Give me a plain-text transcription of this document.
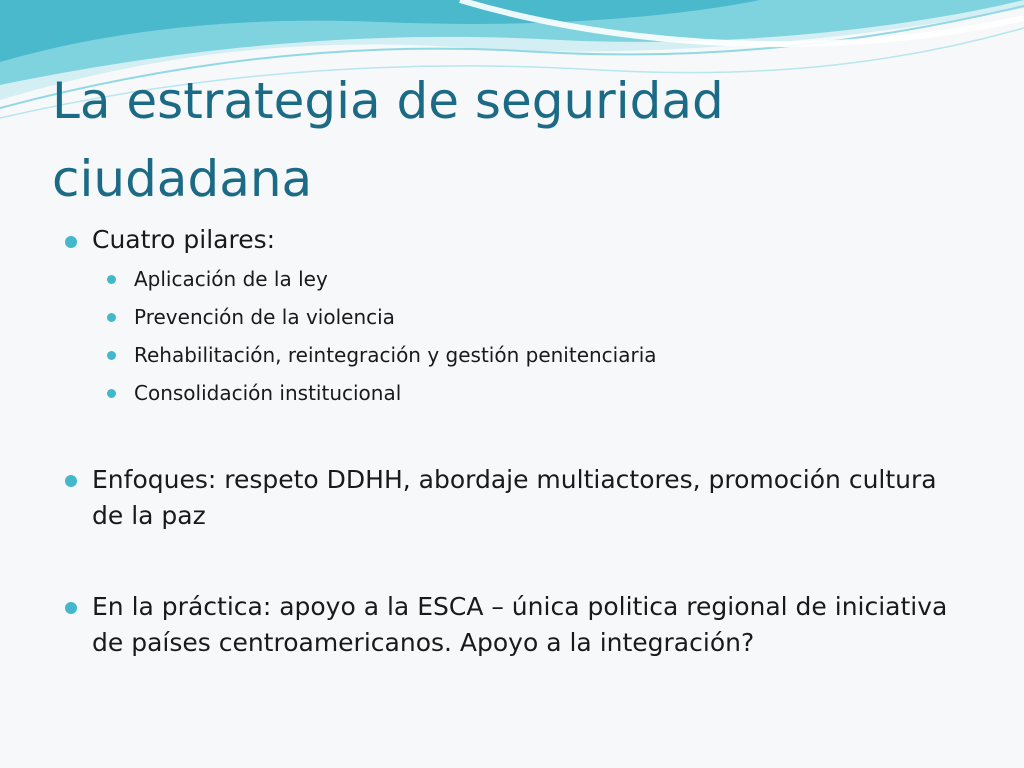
La estrategia de seguridad ciudadana

Cuatro pilares:

Aplicación de la ley

Prevención de la violencia

Rehabilitación, reintegración y gestión penitenciaria

Consolidación institucional

Enfoques: respeto DDHH, abordaje multiactores, promoción cultura de la paz

En la práctica: apoyo a la ESCA – única politica regional de iniciativa de países centroamericanos. Apoyo a la integración?
